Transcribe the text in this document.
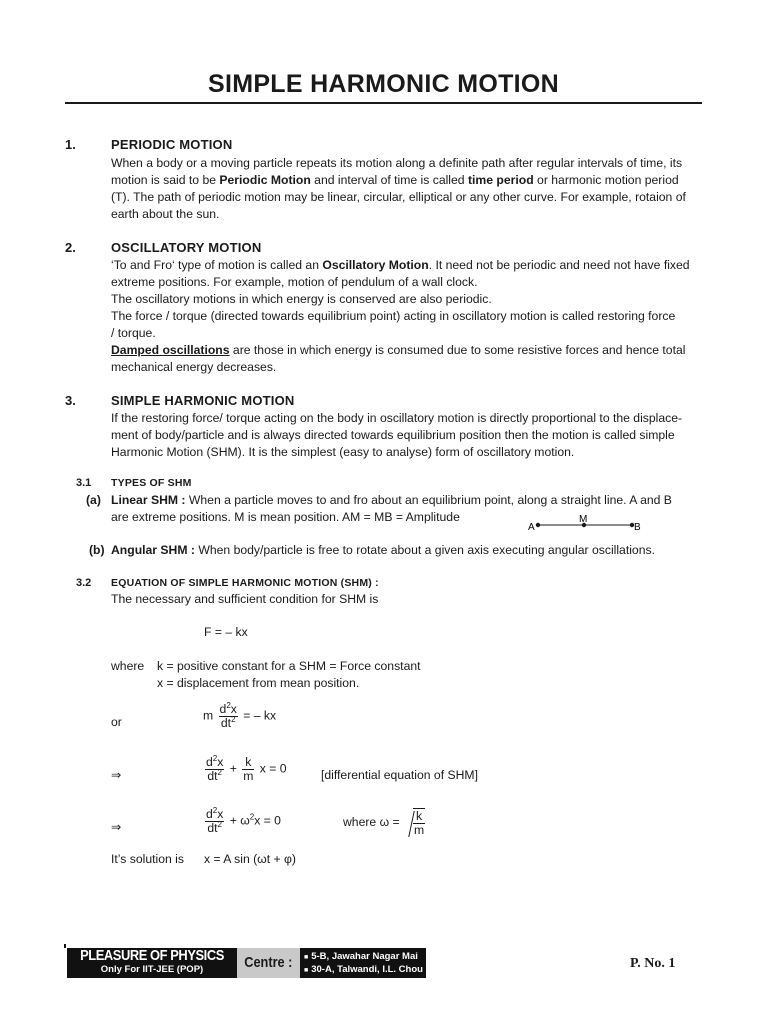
SIMPLE HARMONIC MOTION
1.	PERIODIC MOTION

When a body or a moving particle repeats its motion along a definite path after regular intervals of time, its

motion is said to be Periodic Motion and interval of time is called time period or harmonic motion period

(T). The path of periodic motion may be linear, circular, elliptical or any other curve. For example, rotaion of

earth about the sun.

2.	OSCILLATORY MOTION

‘To and Fro‘ type of motion is called an Oscillatory Motion. It need not be periodic and need not have fixed

extreme positions. For example, motion of pendulum of a wall clock.

The oscillatory motions in which energy is conserved are also periodic.

The force / torque (directed towards equilibrium point) acting in oscillatory motion is called restoring force

/ torque.

Damped oscillations are those in which energy is consumed due to some resistive forces and hence total

mechanical energy decreases.

3.	SIMPLE HARMONIC MOTION

If the restoring force/ torque acting on the body in oscillatory motion is directly proportional to the displace-

ment of body/particle and is always directed towards equilibrium position then the motion is called simple

Harmonic Motion (SHM). It is the simplest (easy to analyse) form of oscillatory motion.

3.1 TYPES OF SHM
(a) Linear SHM : When a particle moves to and fro about an equilibrium point, along a straight line. A and B
are extreme positions. M is mean position. AM = MB = Amplitude
A
M
B
(b) Angular SHM : When body/particle is free to rotate about a given axis executing angular oscillations.
3.2 EQUATION OF SIMPLE HARMONIC MOTION (SHM) :
The necessary and sufficient condition for SHM is
F = – kx
where k = positive constant for a SHM = Force constant
x = displacement from mean position.
or	m $\frac{d^2x}{dt^2}$ = – kx
⇒	$\frac{d^2x}{dt^2} + \frac{k}{m}$ x = 0	[differential equation of SHM]
⇒	$\frac{d^2x}{dt^2} + \omega^2x = 0$	where $\omega = \frac{k}{m}$
It’s solution is x = A sin (ωt + φ)
PLEASURE OF PHYSICS
Only For IIT-JEE (POP)	Centre :	■ 5-B, Jawahar Nagar Mai
■ 30-A, Talwandi, I.L. Chou	P. No. 1
